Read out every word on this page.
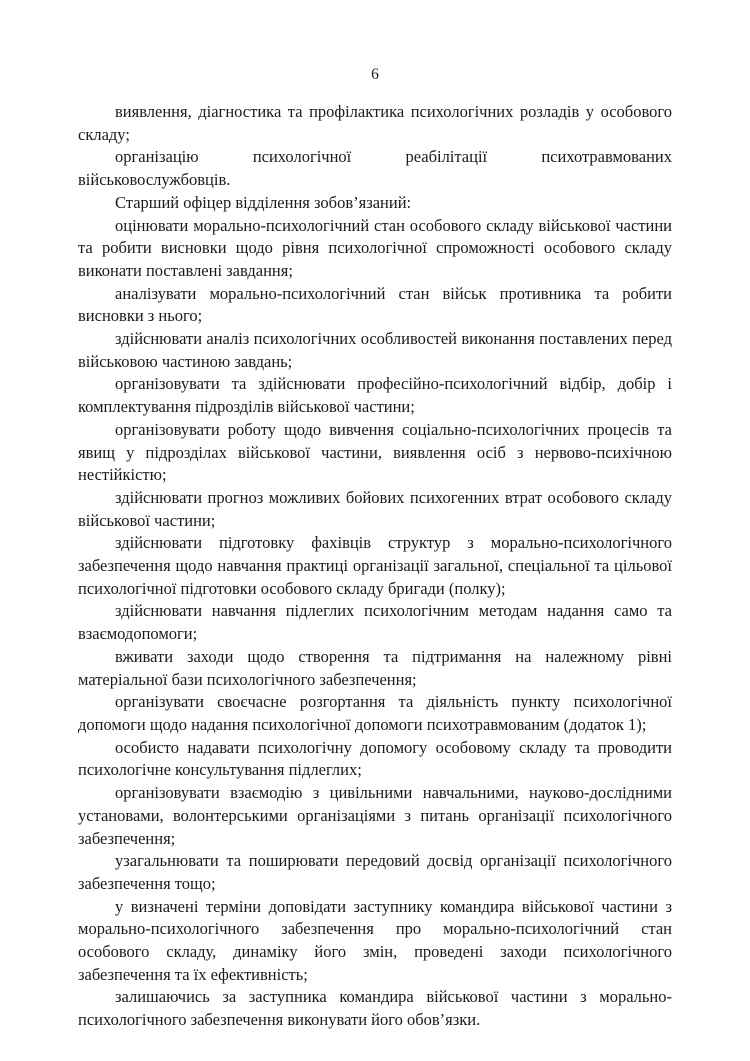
6

виявлення, діагностика та профілактика психологічних розладів у особового складу;

організацію психологічної реабілітації психотравмованих військовослужбовців.

Старший офіцер відділення зобов’язаний:

оцінювати морально-психологічний стан особового складу військової частини та робити висновки щодо рівня психологічної спроможності особового складу виконати поставлені завдання;

аналізувати морально-психологічний стан військ противника та робити висновки з нього;

здійснювати аналіз психологічних особливостей виконання поставлених перед військовою частиною завдань;

організовувати та здійснювати професійно-психологічний відбір, добір і комплектування підрозділів військової частини;

організовувати роботу щодо вивчення соціально-психологічних процесів та явищ у підрозділах військової частини, виявлення осіб з нервово-психічною нестійкістю;

здійснювати прогноз можливих бойових психогенних втрат особового складу військової частини;

здійснювати підготовку фахівців структур з морально-психологічного забезпечення щодо навчання практиці організації загальної, спеціальної та цільової психологічної підготовки особового складу бригади (полку);

здійснювати навчання підлеглих психологічним методам надання само та взаємодопомоги;

вживати заходи щодо створення та підтримання на належному рівні матеріальної бази психологічного забезпечення;

організувати своєчасне розгортання та діяльність пункту психологічної допомоги щодо надання психологічної допомоги психотравмованим (додаток 1);

особисто надавати психологічну допомогу особовому складу та проводити психологічне консультування підлеглих;

організовувати взаємодію з цивільними навчальними, науково-дослідними установами, волонтерськими організаціями з питань організації психологічного забезпечення;

узагальнювати та поширювати передовий досвід організації психологічного забезпечення тощо;

у визначені терміни доповідати заступнику командира військової частини з морально-психологічного забезпечення про морально-психологічний стан особового складу, динаміку його змін, проведені заходи психологічного забезпечення та їх ефективність;

залишаючись за заступника командира військової частини з морально-психологічного забезпечення виконувати його обов’язки.
